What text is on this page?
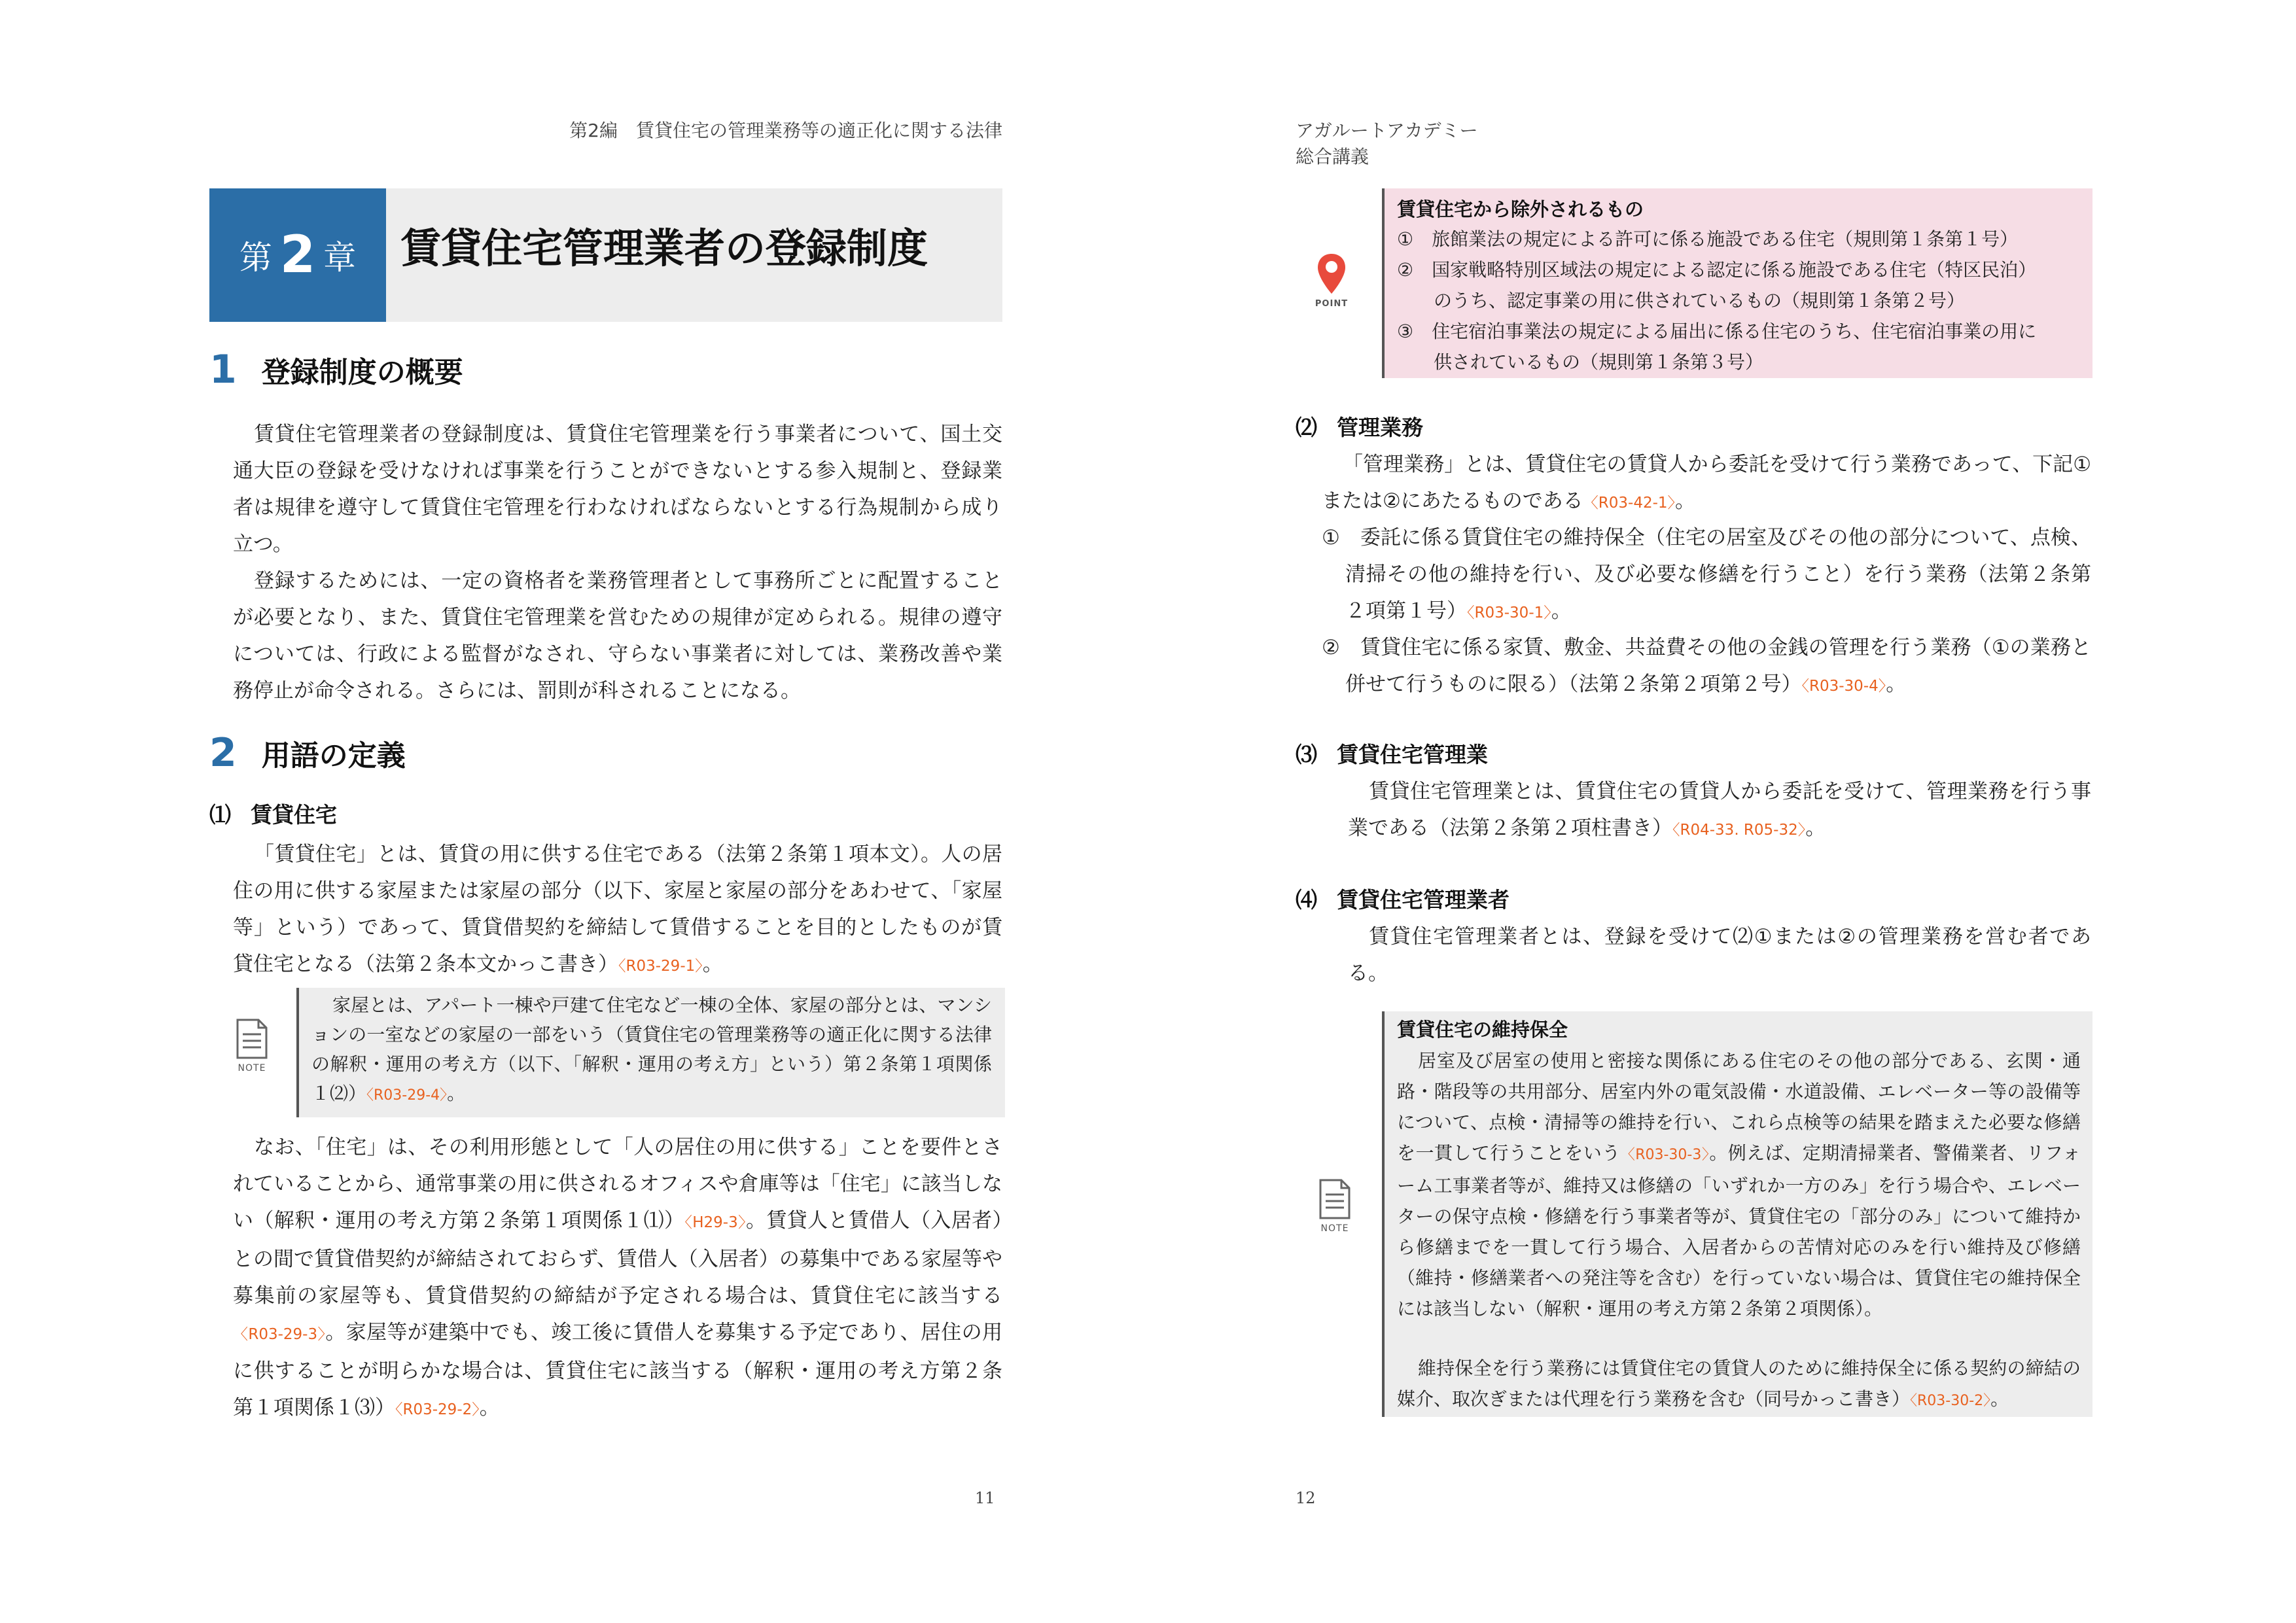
第2編　賃貸住宅の管理業務等の適正化に関する法律
第 2 章 賃貸住宅管理業者の登録制度
1 登録制度の概要
賃貸住宅管理業者の登録制度は、賃貸住宅管理業を行う事業者について、国土交通大臣の登録を受けなければ事業を行うことができないとする参入規制と、登録業者は規律を遵守して賃貸住宅管理を行わなければならないとする行為規制から成り立つ。
登録するためには、一定の資格者を業務管理者として事務所ごとに配置することが必要となり、また、賃貸住宅管理業を営むための規律が定められる。規律の遵守については、行政による監督がなされ、守らない事業者に対しては、業務改善や業務停止が命令される。さらには、罰則が科されることになる。
2 用語の定義
⑴ 賃貸住宅
「賃貸住宅」とは、賃貸の用に供する住宅である（法第２条第１項本文）。人の居住の用に供する家屋または家屋の部分（以下、家屋と家屋の部分をあわせて、「家屋等」という）であって、賃貸借契約を締結して賃借することを目的としたものが賃貸住宅となる（法第２条本文かっこ書き）〈R03-29-1〉。
NOTE
家屋とは、アパート一棟や戸建て住宅など一棟の全体、家屋の部分とは、マンションの一室などの家屋の一部をいう（賃貸住宅の管理業務等の適正化に関する法律の解釈・運用の考え方（以下、「解釈・運用の考え方」という）第２条第１項関係１⑵）〈R03-29-4〉。
なお、「住宅」は、その利用形態として「人の居住の用に供する」ことを要件とされていることから、通常事業の用に供されるオフィスや倉庫等は「住宅」に該当しない（解釈・運用の考え方第２条第１項関係１⑴）〈H29-3〉。賃貸人と賃借人（入居者）との間で賃貸借契約が締結されておらず、賃借人（入居者）の募集中である家屋等や募集前の家屋等も、賃貸借契約の締結が予定される場合は、賃貸住宅に該当する〈R03-29-3〉。家屋等が建築中でも、竣工後に賃借人を募集する予定であり、居住の用に供することが明らかな場合は、賃貸住宅に該当する（解釈・運用の考え方第２条第１項関係１⑶）〈R03-29-2〉。
11
アガルートアカデミー
総合講義
POINT
賃貸住宅から除外されるもの
①　旅館業法の規定による許可に係る施設である住宅（規則第１条第１号）
②　国家戦略特別区域法の規定による認定に係る施設である住宅（特区民泊）
　　のうち、認定事業の用に供されているもの（規則第１条第２号）
③　住宅宿泊事業法の規定による届出に係る住宅のうち、住宅宿泊事業の用に
　　供されているもの（規則第１条第３号）
⑵ 管理業務
「管理業務」とは、賃貸住宅の賃貸人から委託を受けて行う業務であって、下記①または②にあたるものである〈R03-42-1〉。
①　委託に係る賃貸住宅の維持保全（住宅の居室及びその他の部分について、点検、清掃その他の維持を行い、及び必要な修繕を行うこと）を行う業務（法第２条第２項第１号）〈R03-30-1〉。
②　賃貸住宅に係る家賃、敷金、共益費その他の金銭の管理を行う業務（①の業務と併せて行うものに限る）（法第２条第２項第２号）〈R03-30-4〉。
⑶ 賃貸住宅管理業
賃貸住宅管理業とは、賃貸住宅の賃貸人から委託を受けて、管理業務を行う事業である（法第２条第２項柱書き）〈R04-33. R05-32〉。
⑷ 賃貸住宅管理業者
賃貸住宅管理業者とは、登録を受けて⑵①または②の管理業務を営む者である。
NOTE
賃貸住宅の維持保全
居室及び居室の使用と密接な関係にある住宅のその他の部分である、玄関・通路・階段等の共用部分、居室内外の電気設備・水道設備、エレベーター等の設備等について、点検・清掃等の維持を行い、これら点検等の結果を踏まえた必要な修繕を一貫して行うことをいう〈R03-30-3〉。例えば、定期清掃業者、警備業者、リフォーム工事業者等が、維持又は修繕の「いずれか一方のみ」を行う場合や、エレベーターの保守点検・修繕を行う事業者等が、賃貸住宅の「部分のみ」について維持から修繕までを一貫して行う場合、入居者からの苦情対応のみを行い維持及び修繕（維持・修繕業者への発注等を含む）を行っていない場合は、賃貸住宅の維持保全には該当しない（解釈・運用の考え方第２条第２項関係）。
維持保全を行う業務には賃貸住宅の賃貸人のために維持保全に係る契約の締結の媒介、取次ぎまたは代理を行う業務を含む（同号かっこ書き）〈R03-30-2〉。
12
